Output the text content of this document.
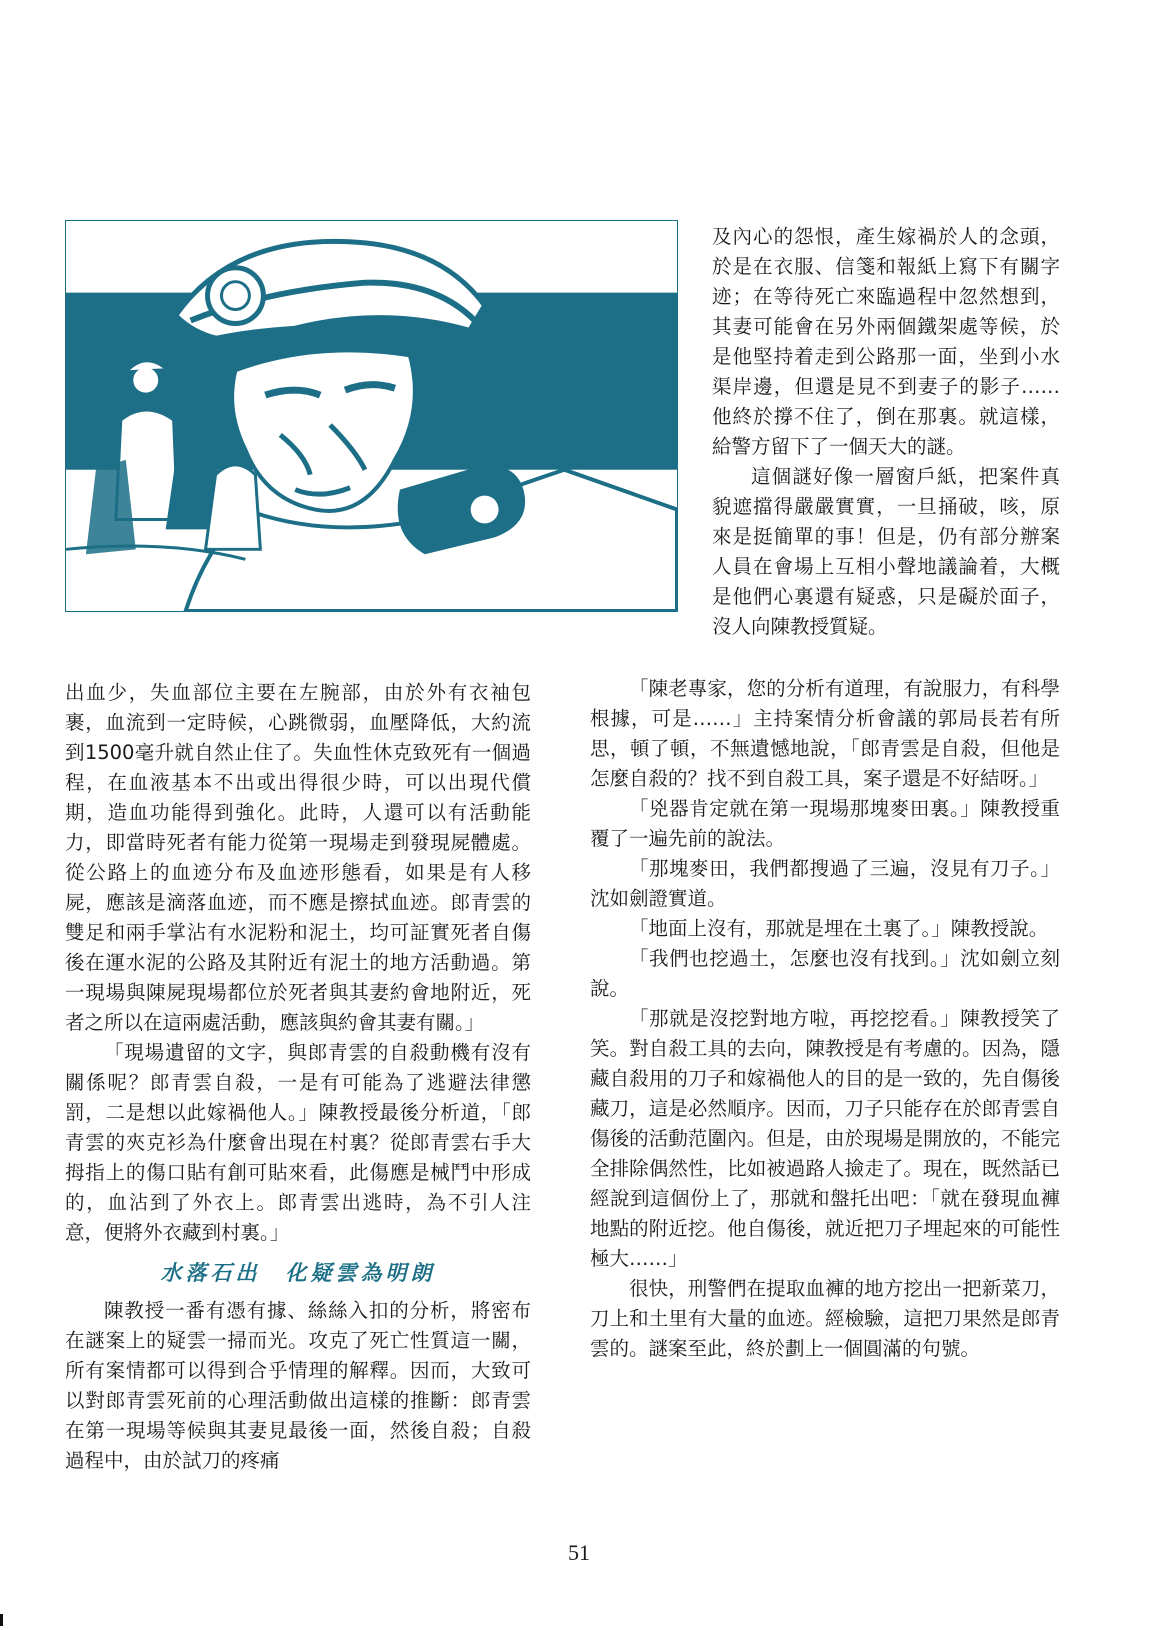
及內心的怨恨，產生嫁禍於人的念頭，於是在衣服、信箋和報紙上寫下有關字迹；在等待死亡來臨過程中忽然想到，其妻可能會在另外兩個鐵架處等候，於是他堅持着走到公路那一面，坐到小水渠岸邊，但還是見不到妻子的影子……他終於撐不住了，倒在那裏。就這樣，給警方留下了一個天大的謎。

這個謎好像一層窗戶紙，把案件真貌遮擋得嚴嚴實實，一旦捅破，咳，原來是挺簡單的事！但是，仍有部分辦案人員在會場上互相小聲地議論着，大概是他們心裏還有疑惑，只是礙於面子，沒人向陳教授質疑。

出血少，失血部位主要在左腕部，由於外有衣袖包裹，血流到一定時候，心跳微弱，血壓降低，大約流到1500毫升就自然止住了。失血性休克致死有一個過程，在血液基本不出或出得很少時，可以出現代償期，造血功能得到強化。此時，人還可以有活動能力，即當時死者有能力從第一現場走到發現屍體處。從公路上的血迹分布及血迹形態看，如果是有人移屍，應該是滴落血迹，而不應是擦拭血迹。郎青雲的雙足和兩手掌沾有水泥粉和泥土，均可証實死者自傷後在運水泥的公路及其附近有泥土的地方活動過。第一現場與陳屍現場都位於死者與其妻約會地附近，死者之所以在這兩處活動，應該與約會其妻有關。」

「現場遺留的文字，與郎青雲的自殺動機有沒有關係呢？郎青雲自殺，一是有可能為了逃避法律懲罰，二是想以此嫁禍他人。」陳教授最後分析道，「郎青雲的夾克衫為什麼會出現在村裏？從郎青雲右手大拇指上的傷口貼有創可貼來看，此傷應是械鬥中形成的，血沾到了外衣上。郎青雲出逃時，為不引人注意，便將外衣藏到村裏。」

水落石出　化疑雲為明朗

陳教授一番有憑有據、絲絲入扣的分析，將密布在謎案上的疑雲一掃而光。攻克了死亡性質這一關，所有案情都可以得到合乎情理的解釋。因而，大致可以對郎青雲死前的心理活動做出這樣的推斷：郎青雲在第一現場等候與其妻見最後一面，然後自殺；自殺過程中，由於試刀的疼痛

「陳老專家，您的分析有道理，有說服力，有科學根據，可是……」主持案情分析會議的郭局長若有所思，頓了頓，不無遺憾地說，「郎青雲是自殺，但他是怎麼自殺的？找不到自殺工具，案子還是不好結呀。」

「兇器肯定就在第一現場那塊麥田裏。」陳教授重覆了一遍先前的說法。

「那塊麥田，我們都搜過了三遍，沒見有刀子。」沈如劍證實道。

「地面上沒有，那就是埋在土裏了。」陳教授說。

「我們也挖過土，怎麼也沒有找到。」沈如劍立刻說。

「那就是沒挖對地方啦，再挖挖看。」陳教授笑了笑。對自殺工具的去向，陳教授是有考慮的。因為，隱藏自殺用的刀子和嫁禍他人的目的是一致的，先自傷後藏刀，這是必然順序。因而，刀子只能存在於郎青雲自傷後的活動范圍內。但是，由於現場是開放的，不能完全排除偶然性，比如被過路人撿走了。現在，既然話已經說到這個份上了，那就和盤托出吧：「就在發現血褲地點的附近挖。他自傷後，就近把刀子埋起來的可能性極大……」

很快，刑警們在提取血褲的地方挖出一把新菜刀，刀上和土里有大量的血迹。經檢驗，這把刀果然是郎青雲的。謎案至此，終於劃上一個圓滿的句號。

51
